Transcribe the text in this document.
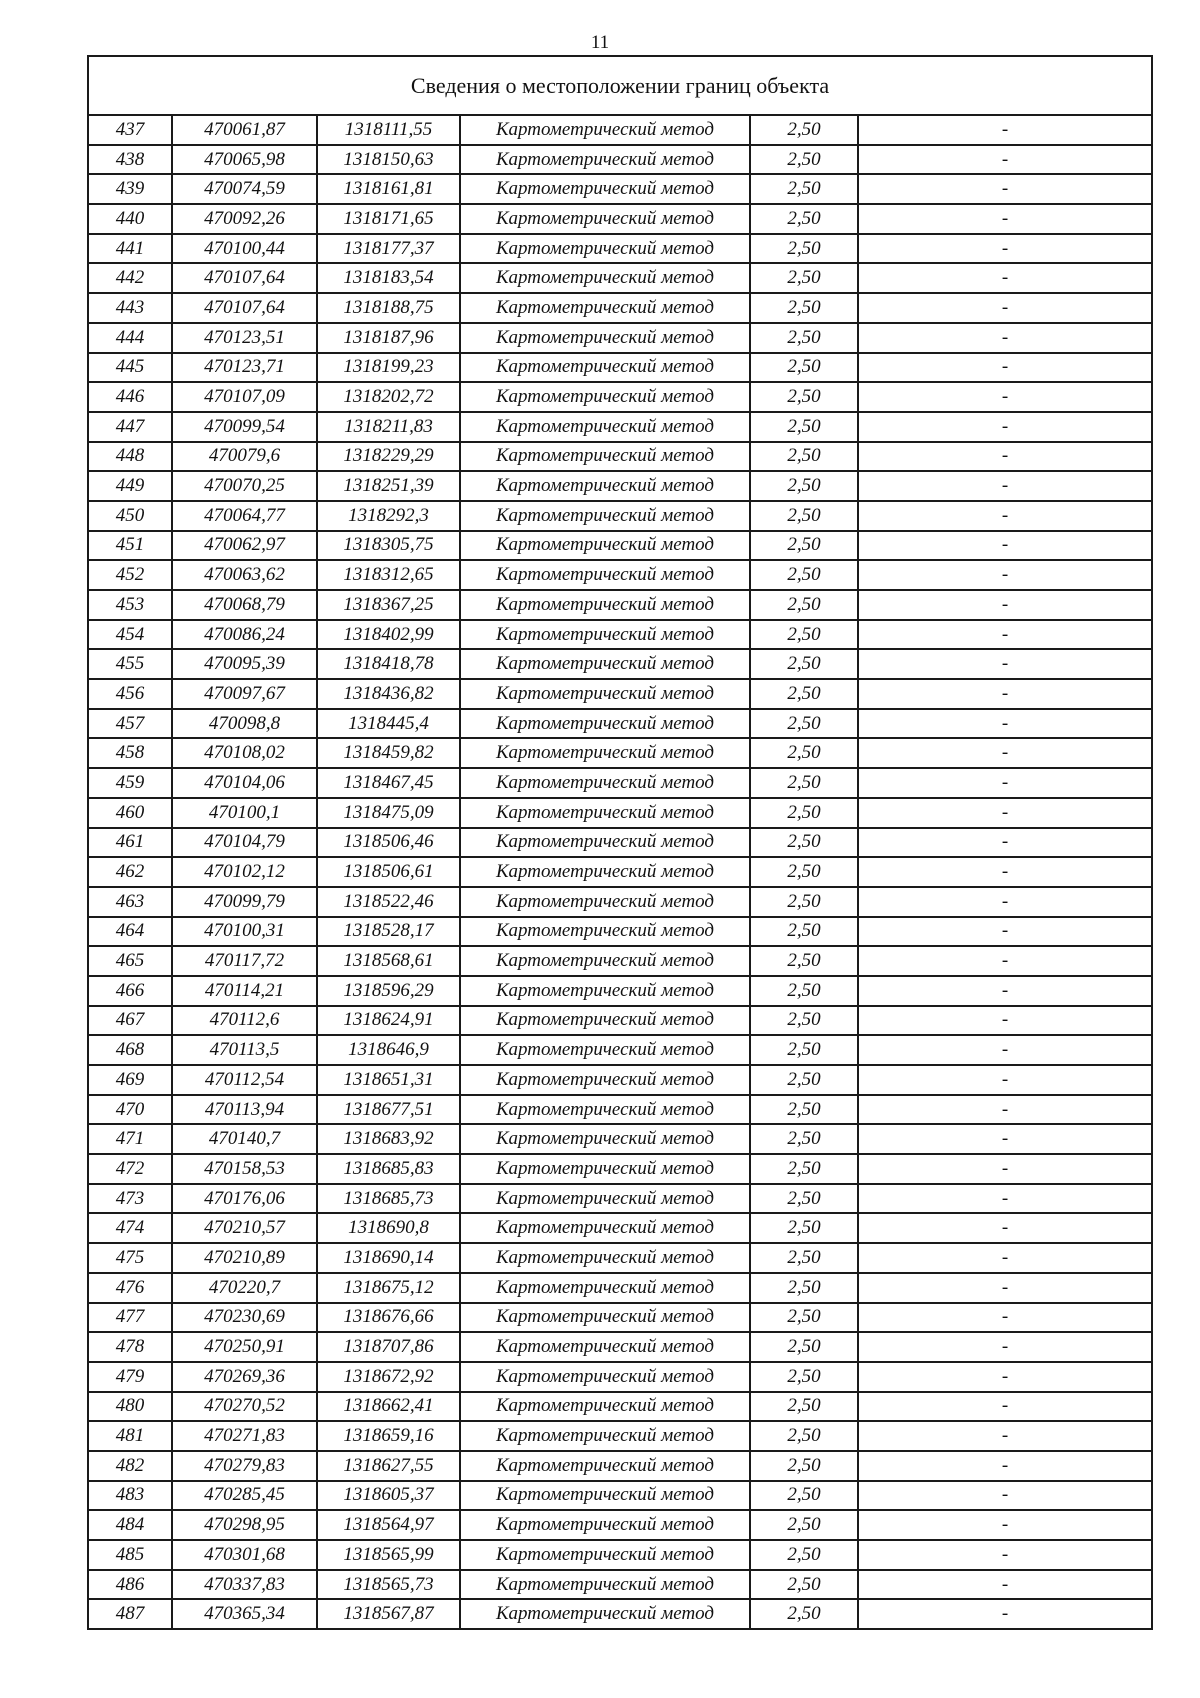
11
Сведения о местоположении границ объекта					
437	470061,87	1318111,55	Картометрический метод	2,50	-
438	470065,98	1318150,63	Картометрический метод	2,50	-
439	470074,59	1318161,81	Картометрический метод	2,50	-
440	470092,26	1318171,65	Картометрический метод	2,50	-
441	470100,44	1318177,37	Картометрический метод	2,50	-
442	470107,64	1318183,54	Картометрический метод	2,50	-
443	470107,64	1318188,75	Картометрический метод	2,50	-
444	470123,51	1318187,96	Картометрический метод	2,50	-
445	470123,71	1318199,23	Картометрический метод	2,50	-
446	470107,09	1318202,72	Картометрический метод	2,50	-
447	470099,54	1318211,83	Картометрический метод	2,50	-
448	470079,6	1318229,29	Картометрический метод	2,50	-
449	470070,25	1318251,39	Картометрический метод	2,50	-
450	470064,77	1318292,3	Картометрический метод	2,50	-
451	470062,97	1318305,75	Картометрический метод	2,50	-
452	470063,62	1318312,65	Картометрический метод	2,50	-
453	470068,79	1318367,25	Картометрический метод	2,50	-
454	470086,24	1318402,99	Картометрический метод	2,50	-
455	470095,39	1318418,78	Картометрический метод	2,50	-
456	470097,67	1318436,82	Картометрический метод	2,50	-
457	470098,8	1318445,4	Картометрический метод	2,50	-
458	470108,02	1318459,82	Картометрический метод	2,50	-
459	470104,06	1318467,45	Картометрический метод	2,50	-
460	470100,1	1318475,09	Картометрический метод	2,50	-
461	470104,79	1318506,46	Картометрический метод	2,50	-
462	470102,12	1318506,61	Картометрический метод	2,50	-
463	470099,79	1318522,46	Картометрический метод	2,50	-
464	470100,31	1318528,17	Картометрический метод	2,50	-
465	470117,72	1318568,61	Картометрический метод	2,50	-
466	470114,21	1318596,29	Картометрический метод	2,50	-
467	470112,6	1318624,91	Картометрический метод	2,50	-
468	470113,5	1318646,9	Картометрический метод	2,50	-
469	470112,54	1318651,31	Картометрический метод	2,50	-
470	470113,94	1318677,51	Картометрический метод	2,50	-
471	470140,7	1318683,92	Картометрический метод	2,50	-
472	470158,53	1318685,83	Картометрический метод	2,50	-
473	470176,06	1318685,73	Картометрический метод	2,50	-
474	470210,57	1318690,8	Картометрический метод	2,50	-
475	470210,89	1318690,14	Картометрический метод	2,50	-
476	470220,7	1318675,12	Картометрический метод	2,50	-
477	470230,69	1318676,66	Картометрический метод	2,50	-
478	470250,91	1318707,86	Картометрический метод	2,50	-
479	470269,36	1318672,92	Картометрический метод	2,50	-
480	470270,52	1318662,41	Картометрический метод	2,50	-
481	470271,83	1318659,16	Картометрический метод	2,50	-
482	470279,83	1318627,55	Картометрический метод	2,50	-
483	470285,45	1318605,37	Картометрический метод	2,50	-
484	470298,95	1318564,97	Картометрический метод	2,50	-
485	470301,68	1318565,99	Картометрический метод	2,50	-
486	470337,83	1318565,73	Картометрический метод	2,50	-
487	470365,34	1318567,87	Картометрический метод	2,50	-
